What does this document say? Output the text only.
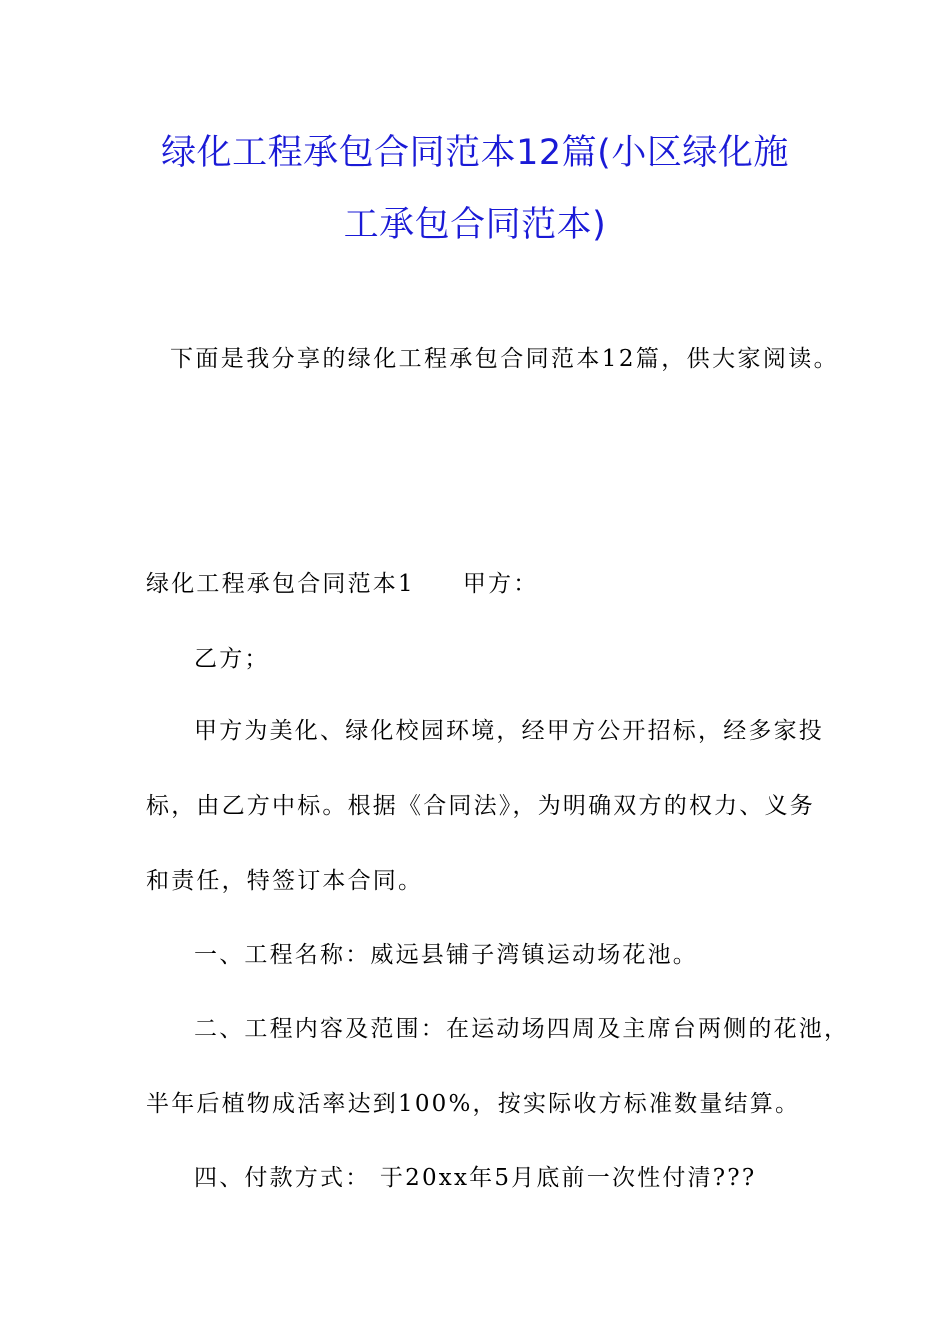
绿化工程承包合同范本12篇(小区绿化施
工承包合同范本)
下面是我分享的绿化工程承包合同范本12篇，供大家阅读。
绿化工程承包合同范本1 甲方：
乙方；
甲方为美化、绿化校园环境，经甲方公开招标，经多家投
标，由乙方中标。根据《合同法》，为明确双方的权力、义务
和责任，特签订本合同。
一、工程名称：威远县铺子湾镇运动场花池。
二、工程内容及范围：在运动场四周及主席台两侧的花池，
半年后植物成活率达到100%，按实际收方标准数量结算。
四、付款方式： 于20xx年5月底前一次性付清???
